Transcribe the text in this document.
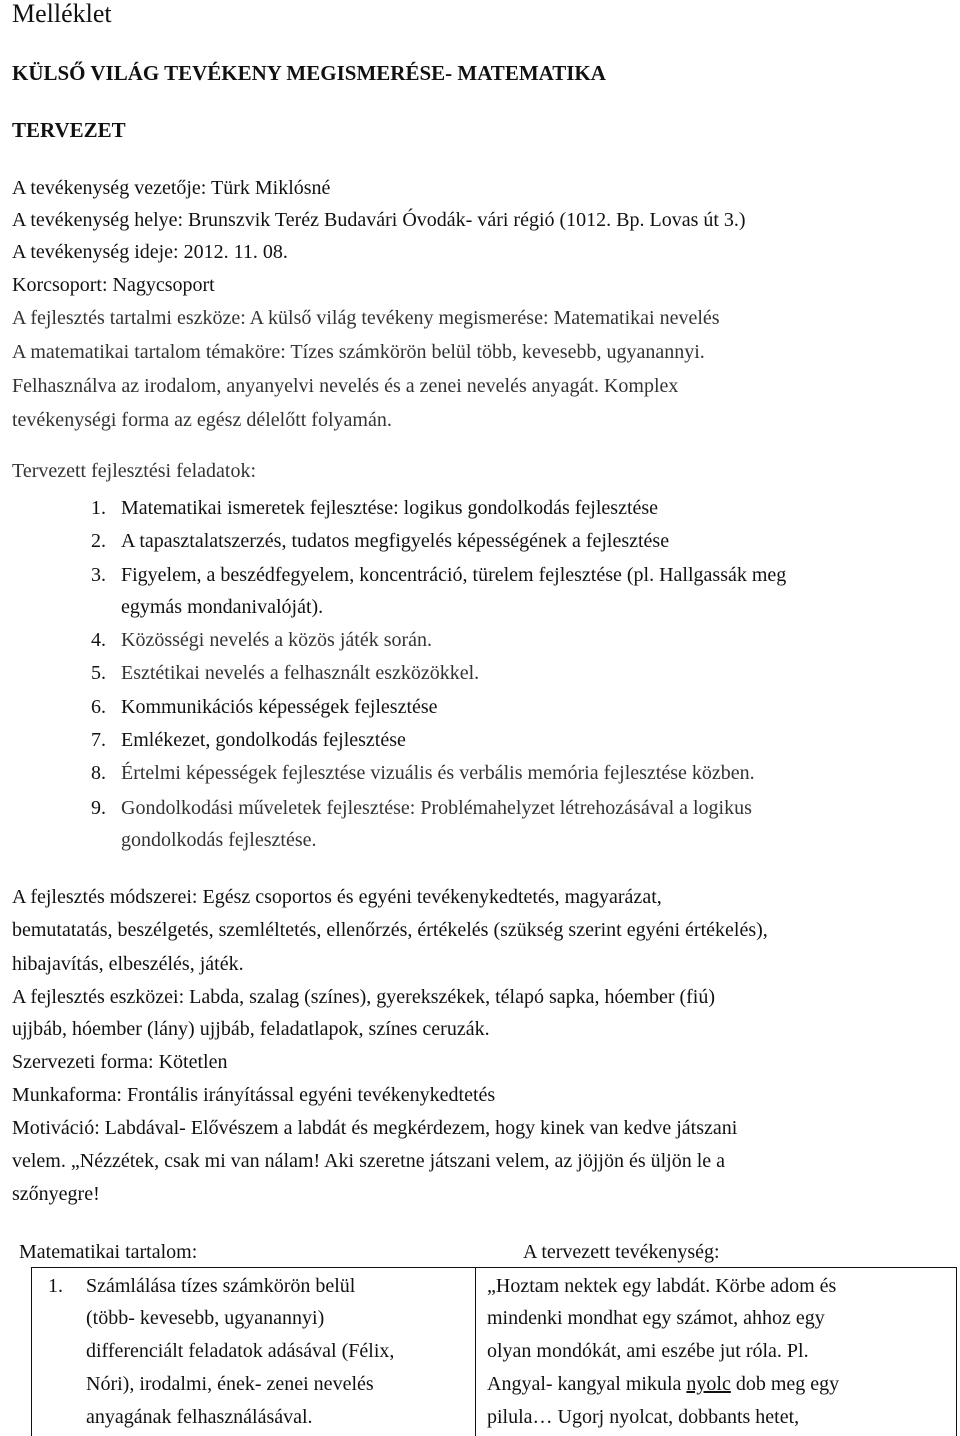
Melléklet
KÜLSŐ VILÁG TEVÉKENY MEGISMERÉSE- MATEMATIKA
TERVEZET
A tevékenység vezetője: Türk Miklósné
A tevékenység helye: Brunszvik Teréz Budavári Óvodák- vári régió (1012. Bp. Lovas út 3.)
A tevékenység ideje: 2012. 11. 08.
Korcsoport: Nagycsoport
A fejlesztés tartalmi eszköze: A külső világ tevékeny megismerése: Matematikai nevelés
A matematikai tartalom témaköre: Tízes számkörön belül több, kevesebb, ugyanannyi.
Felhasználva az irodalom, anyanyelvi nevelés és a zenei nevelés anyagát. Komplex
tevékenységi forma az egész délelőtt folyamán.
Tervezett fejlesztési feladatok:
1. Matematikai ismeretek fejlesztése: logikus gondolkodás fejlesztése
2. A tapasztalatszerzés, tudatos megfigyelés képességének a fejlesztése
3. Figyelem, a beszédfegyelem, koncentráció, türelem fejlesztése (pl. Hallgassák meg
egymás mondanivalóját).
4. Közösségi nevelés a közös játék során.
5. Esztétikai nevelés a felhasznált eszközökkel.
6. Kommunikációs képességek fejlesztése
7. Emlékezet, gondolkodás fejlesztése
8. Értelmi képességek fejlesztése vizuális és verbális memória fejlesztése közben.
9. Gondolkodási műveletek fejlesztése: Problémahelyzet létrehozásával a logikus
gondolkodás fejlesztése.
A fejlesztés módszerei: Egész csoportos és egyéni tevékenykedtetés, magyarázat,
bemutatatás, beszélgetés, szemléltetés, ellenőrzés, értékelés (szükség szerint egyéni értékelés),
hibajavítás, elbeszélés, játék.
A fejlesztés eszközei: Labda, szalag (színes), gyerekszékek, télapó sapka, hóember (fiú)
ujjbáb, hóember (lány) ujjbáb, feladatlapok, színes ceruzák.
Szervezeti forma: Kötetlen
Munkaforma: Frontális irányítással egyéni tevékenykedtetés
Motiváció: Labdával- Elővészem a labdát és megkérdezem, hogy kinek van kedve játszani
velem. „Nézzétek, csak mi van nálam! Aki szeretne játszani velem, az jöjjön és üljön le a
szőnyegre!
Matematikai tartalom:	A tervezett tevékenység:
1. Számlálása tízes számkörön belül
(több- kevesebb, ugyanannyi)
differenciált feladatok adásával (Félix,
Nóri), irodalmi, ének- zenei nevelés
anyagának felhasználásával.
„Hoztam nektek egy labdát. Körbe adom és
mindenki mondhat egy számot, ahhoz egy
olyan mondókát, ami eszébe jut róla. Pl.
Angyal- kangyal mikula nyolc dob meg egy
pilula… Ugorj nyolcat, dobbants hetet,
